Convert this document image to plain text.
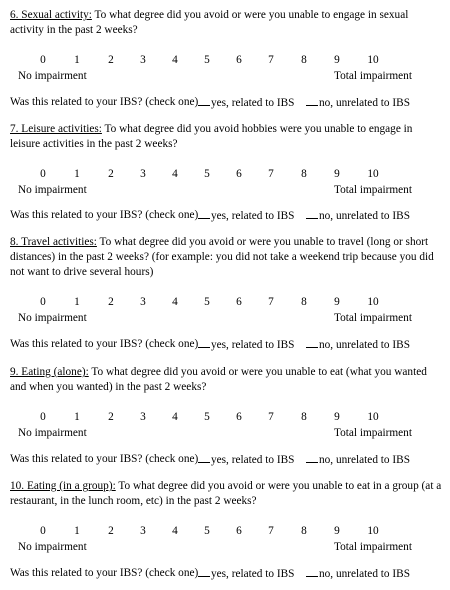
6. Sexual activity: To what degree did you avoid or were you unable to engage in sexual activity in the past 2 weeks?

0	1	2	3	4	5	6	7	8	9	10
No impairment	Total impairment
Was this related to your IBS? (check one)	yes, related to IBS	no, unrelated to IBS

7. Leisure activities: To what degree did you avoid hobbies were you unable to engage in leisure activities in the past 2 weeks?

0	1	2	3	4	5	6	7	8	9	10
No impairment	Total impairment
Was this related to your IBS? (check one)	yes, related to IBS	no, unrelated to IBS

8. Travel activities: To what degree did you avoid or were you unable to travel (long or short distances) in the past 2 weeks? (for example: you did not take a weekend trip because you did not want to drive several hours)

0	1	2	3	4	5	6	7	8	9	10
No impairment	Total impairment
Was this related to your IBS? (check one)	yes, related to IBS	no, unrelated to IBS

9. Eating (alone): To what degree did you avoid or were you unable to eat (what you wanted and when you wanted) in the past 2 weeks?

0	1	2	3	4	5	6	7	8	9	10
No impairment	Total impairment
Was this related to your IBS? (check one)	yes, related to IBS	no, unrelated to IBS

10. Eating (in a group): To what degree did you avoid or were you unable to eat in a group (at a restaurant, in the lunch room, etc) in the past 2 weeks?

0	1	2	3	4	5	6	7	8	9	10
No impairment	Total impairment
Was this related to your IBS? (check one)	yes, related to IBS	no, unrelated to IBS
